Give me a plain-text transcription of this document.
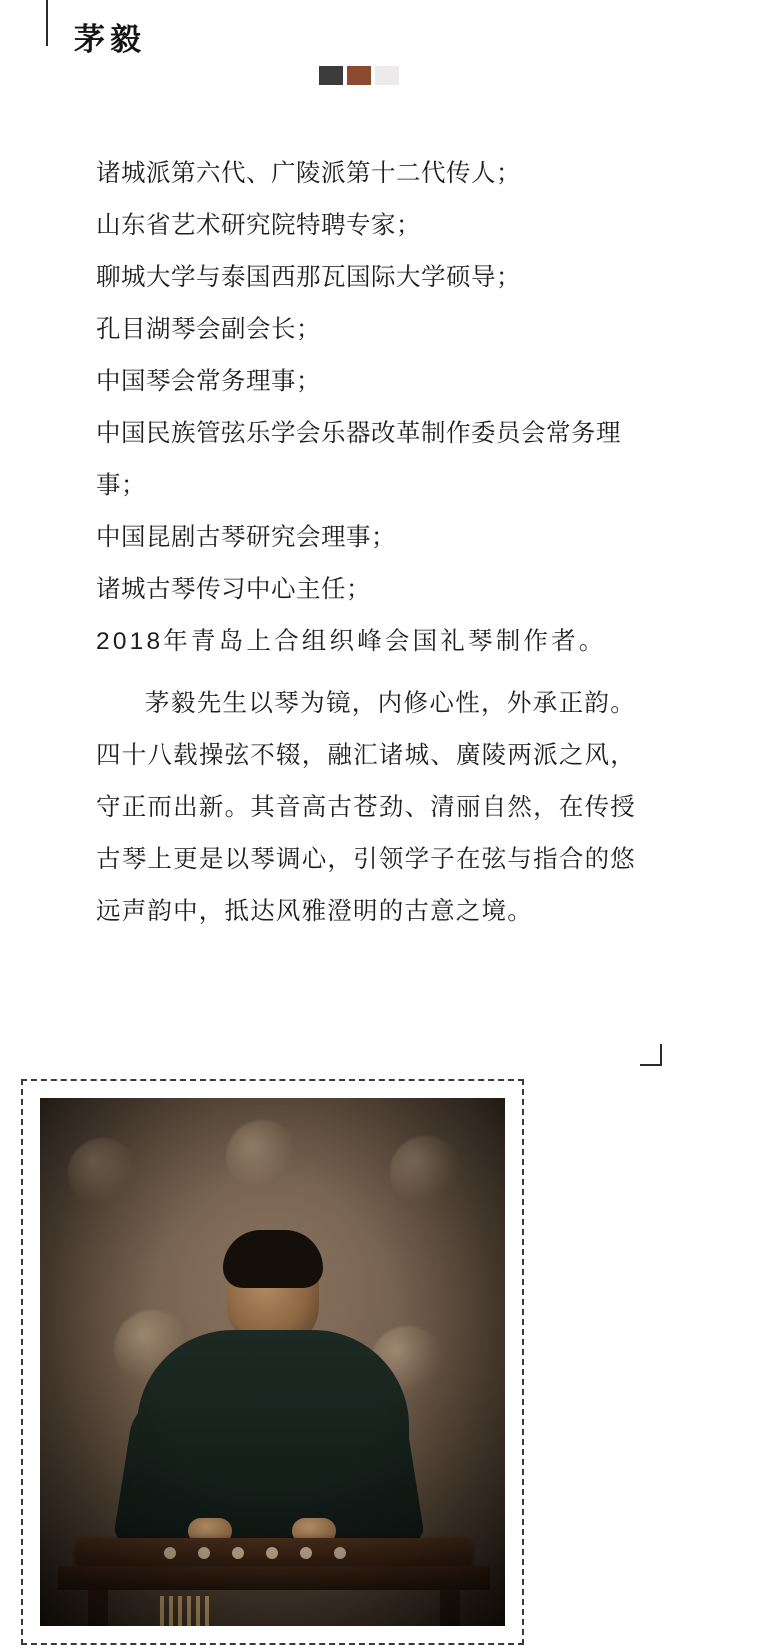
茅毅
诸城派第六代、广陵派第十二代传人；
山东省艺术研究院特聘专家；
聊城大学与泰国西那瓦国际大学硕导；
孔目湖琴会副会长；
中国琴会常务理事；
中国民族管弦乐学会乐器改革制作委员会常务理事；
中国昆剧古琴研究会理事；
诸城古琴传习中心主任；
2018年青岛上合组织峰会国礼琴制作者。
茅毅先生以琴为镜，内修心性，外承正韵。四十八载操弦不辍，融汇诸城、廣陵两派之风，守正而出新。其音高古苍劲、清丽自然，在传授古琴上更是以琴调心，引领学子在弦与指合的悠远声韵中，抵达风雅澄明的古意之境。
